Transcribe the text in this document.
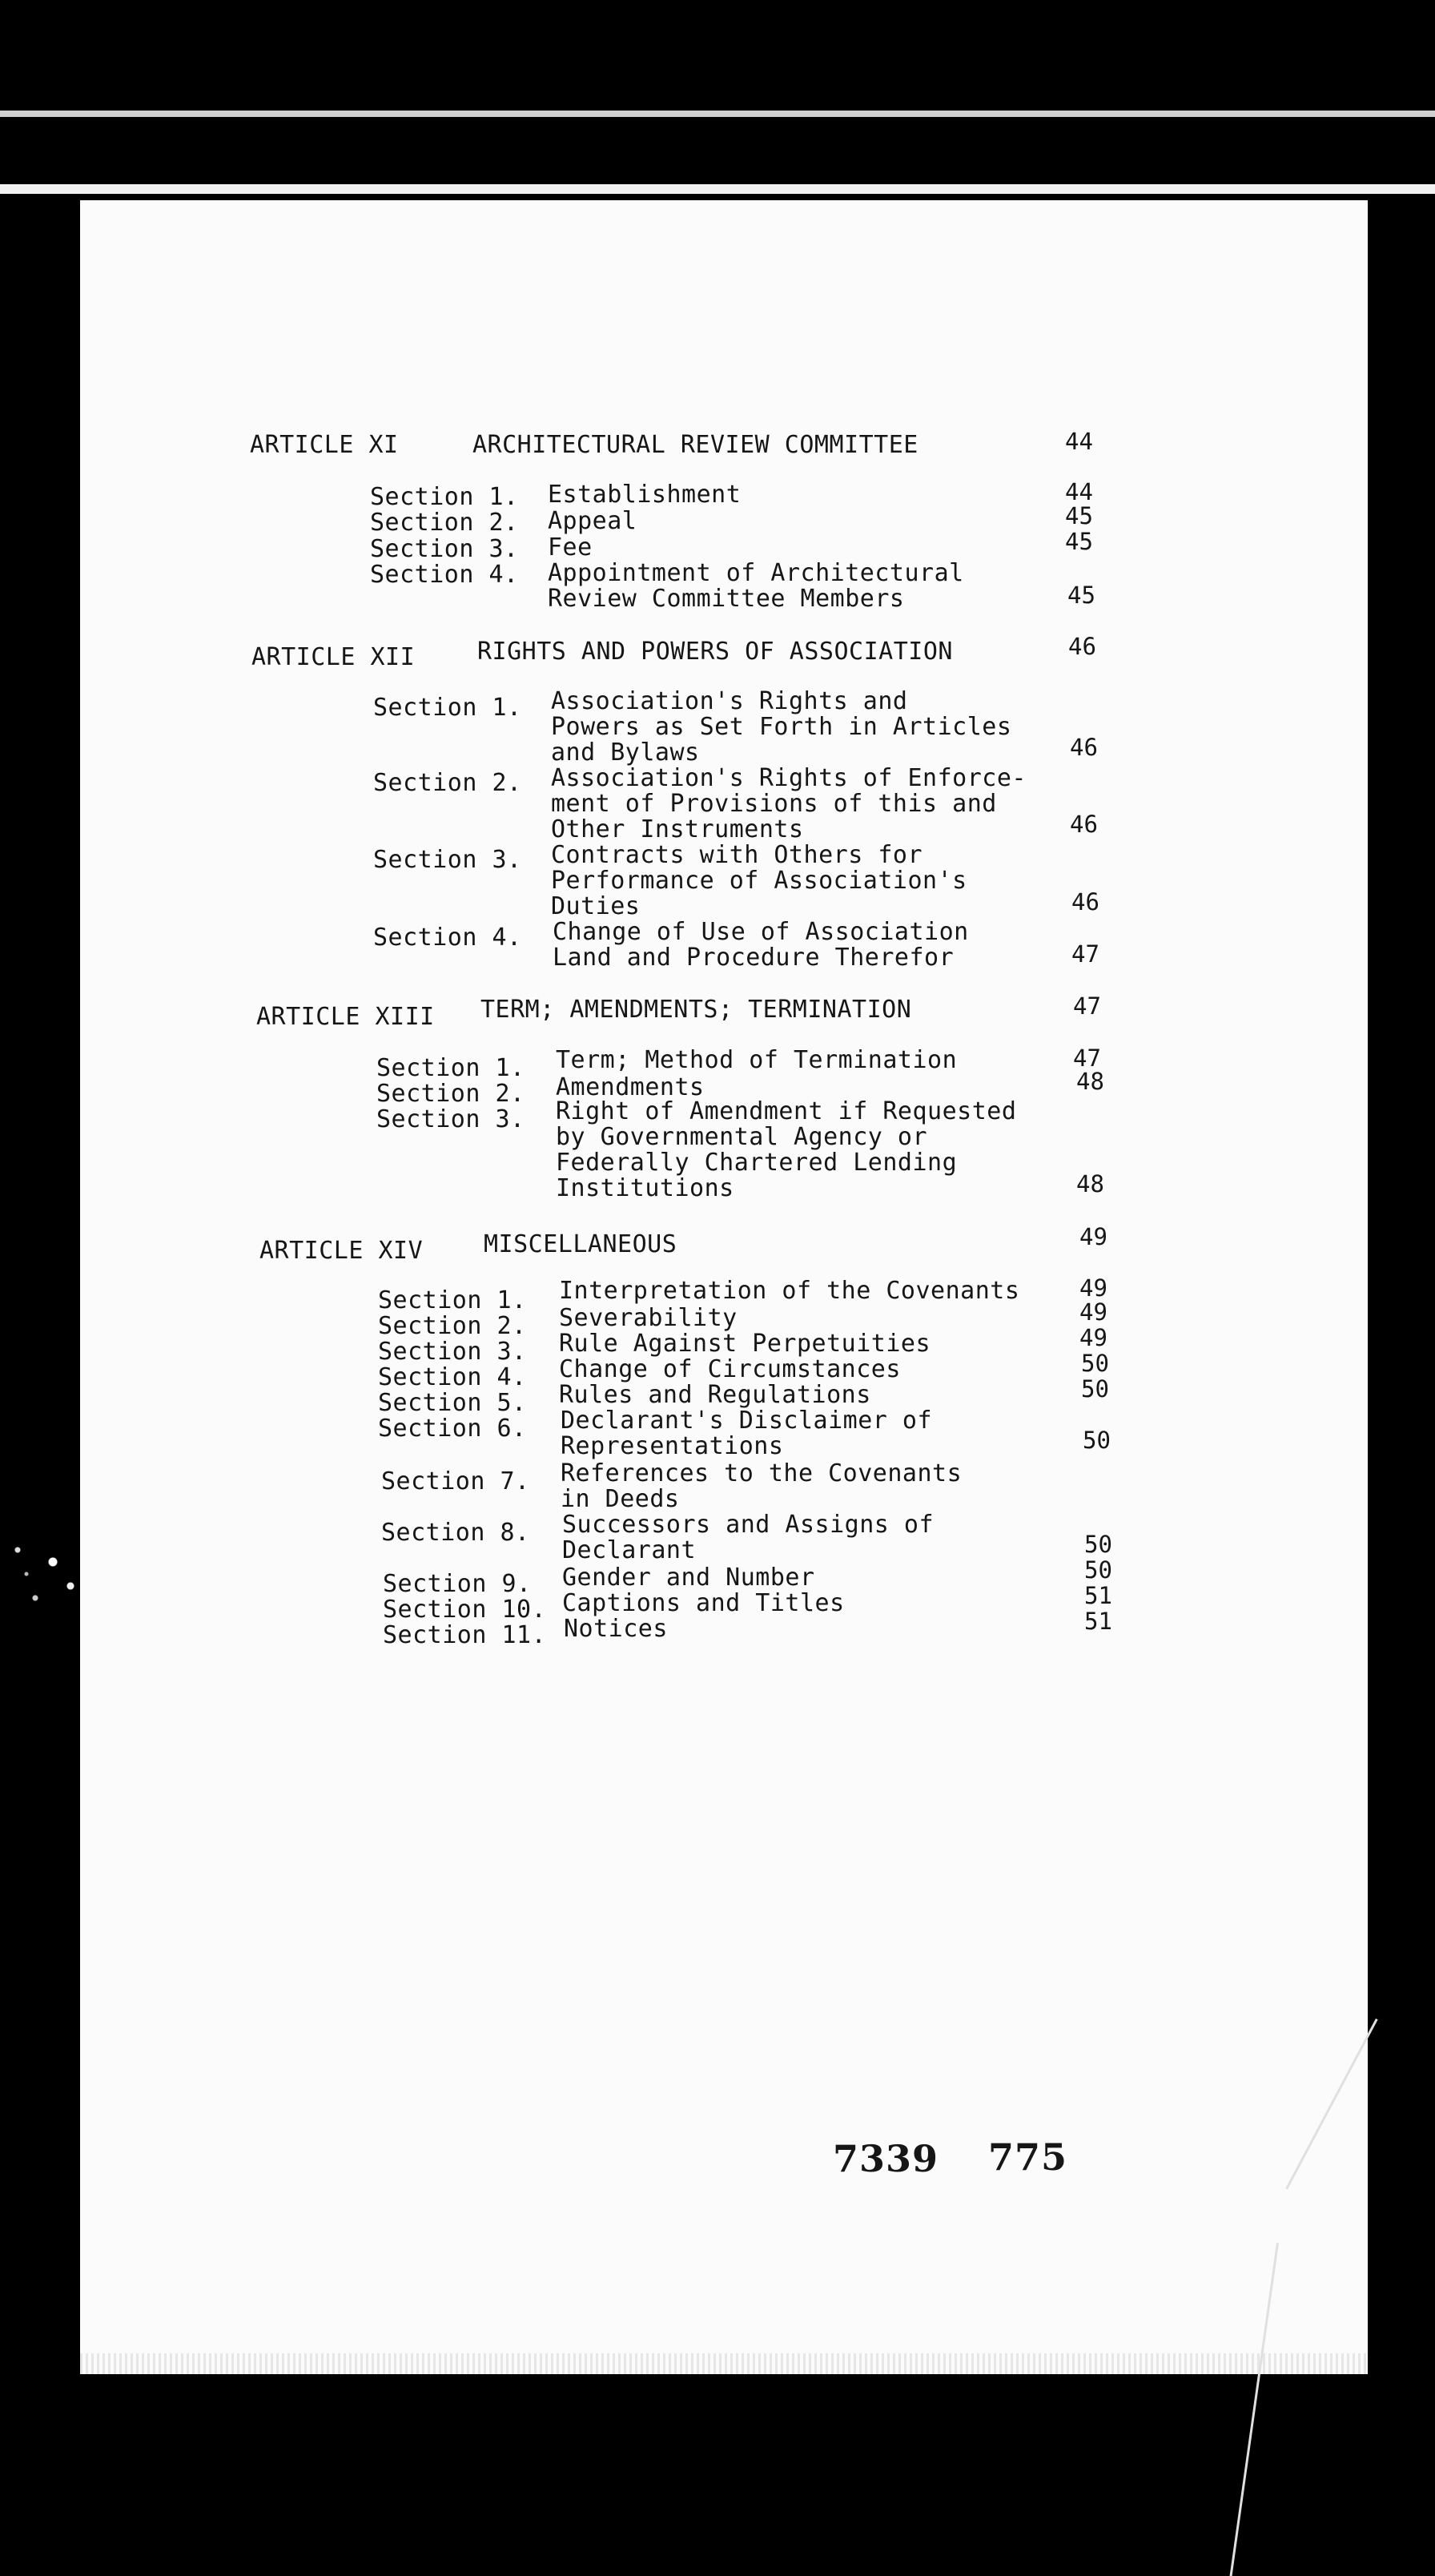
ARTICLE XI	ARCHITECTURAL REVIEW COMMITTEE	44
Section 1. Establishment	44
Section 2. Appeal	45
Section 3. Fee	45
Section 4. Appointment of Architectural
Review Committee Members	45
ARTICLE XII	RIGHTS AND POWERS OF ASSOCIATION	46
Section 1. Association's Rights and
Powers as Set Forth in Articles
and Bylaws	46
Section 2. Association's Rights of Enforce-
ment of Provisions of this and
Other Instruments	46
Section 3. Contracts with Others for
Performance of Association's
Duties	46
Section 4. Change of Use of Association
Land and Procedure Therefor	47
ARTICLE XIII TERM; AMENDMENTS; TERMINATION	47
Section 1. Term; Method of Termination	47
Section 2. Amendments	48
Section 3. Right of Amendment if Requested
by Governmental Agency or
Federally Chartered Lending
Institutions	48
ARTICLE XIV	MISCELLANEOUS	49
Section 1. Interpretation of the Covenants	49
Section 2. Severability	49
Section 3. Rule Against Perpetuities	49
Section 4. Change of Circumstances	50
Section 5. Rules and Regulations	50
Section 6. Declarant's Disclaimer of
Representations	50
Section 7. References to the Covenants
in Deeds
Section 8. Successors and Assigns of
Declarant	50
Section 9. Gender and Number	50
Section 10. Captions and Titles	51
Section 11. Notices	51
7339 775
